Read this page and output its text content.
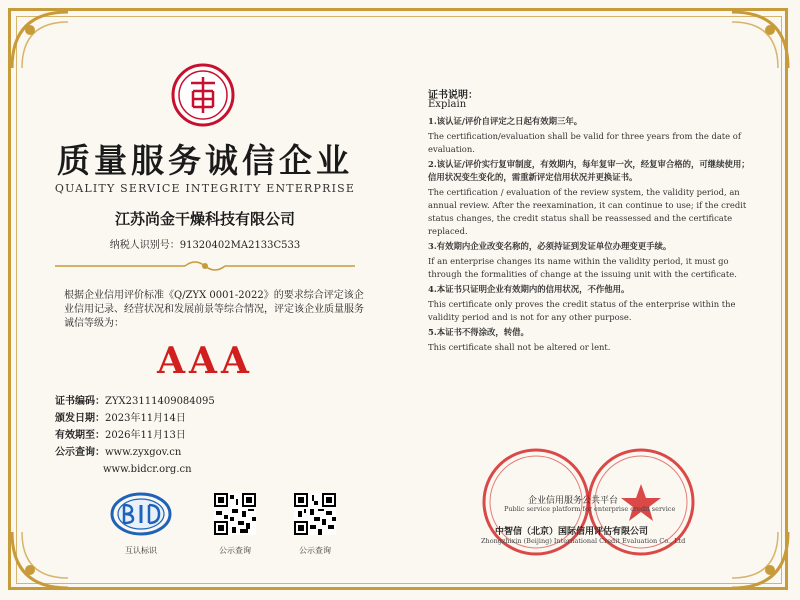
质量服务诚信企业
QUALITY SERVICE INTEGRITY ENTERPRISE
江苏尚金干燥科技有限公司
纳税人识别号：91320402MA2133C533
根据企业信用评价标准《Q/ZYX 0001-2022》的要求综合评定该企业信用记录、经营状况和发展前景等综合情况，评定该企业质量服务诚信等级为：
AAA
证书编码：ZYX23111409084095
颁发日期：2023年11月14日
有效期至：2026年11月13日
公示查询：www.zyxgov.cn
www.bidcr.org.cn
互认标识	公示查询	公示查询
证书说明：
Explain

1.该认证/评价自评定之日起有效期三年。

The certification/evaluation shall be valid for three years from the date of evaluation.

2.该认证/评价实行复审制度，有效期内，每年复审一次，经复审合格的，可继续使用；信用状况变生变化的，需重新评定信用状况并更换证书。

The certification / evaluation of the review system, the validity period, an annual review. After the reexamination, it can continue to use; if the credit status changes, the credit status shall be reassessed and the certificate replaced.

3.有效期内企业改变名称的，必须持证到发证单位办理变更手续。

If an enterprise changes its name within the validity period, it must go through the formalities of change at the issuing unit with the certificate.

4.本证书只证明企业有效期内的信用状况，不作他用。

This certificate only proves the credit status of the enterprise within the validity period and is not for any other purpose.

5.本证书不得涂改，转借。

This certificate shall not be altered or lent.

企业信用服务公共平台
Public service platform for enterprise credit service
中智信（北京）国际信用评估有限公司
Zhongzhixin (Beijing) International Credit Evaluation Co., Ltd
